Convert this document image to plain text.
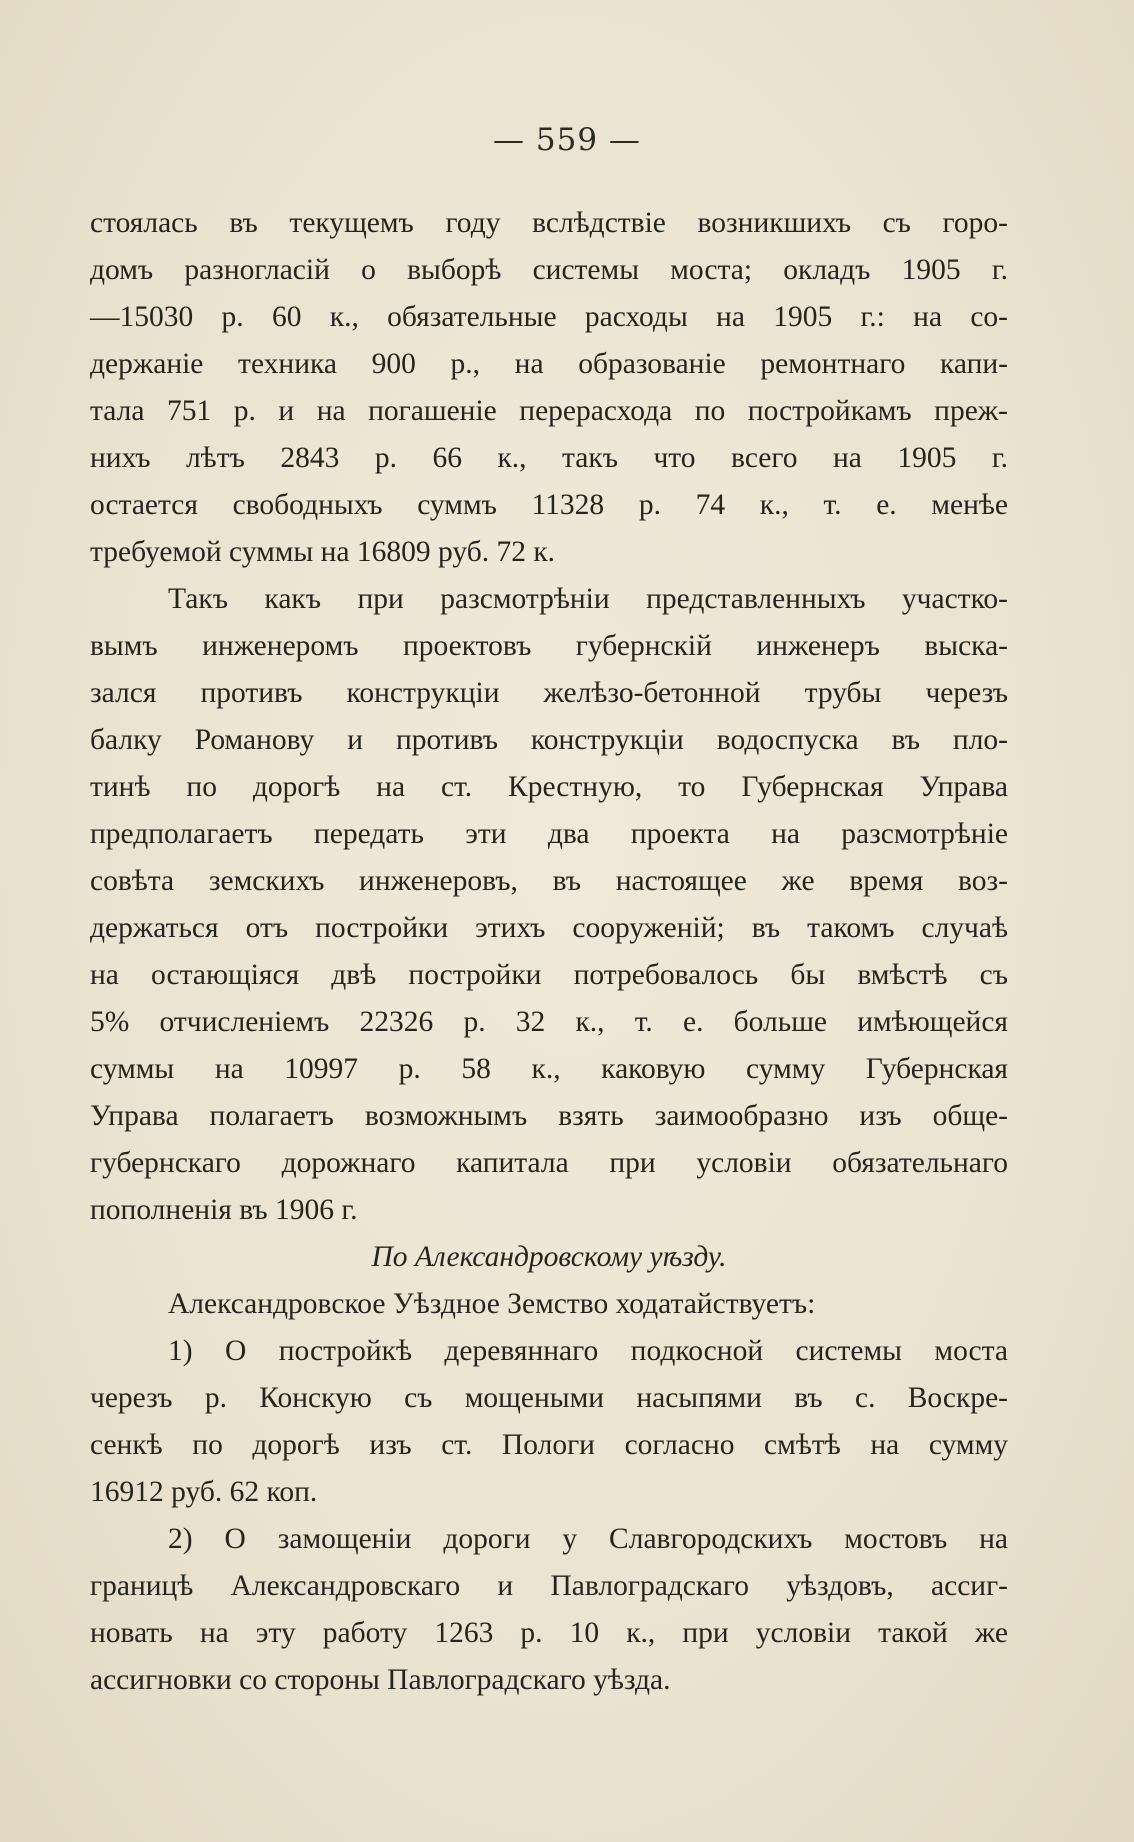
— 559 —

стоялась въ текущемъ году вслѣдствіе возникшихъ съ горо-
домъ разногласій о выборѣ системы моста; окладъ 1905 г.
—15030 р. 60 к., обязательные расходы на 1905 г.: на со-
держаніе техника 900 р., на образованіе ремонтнаго капи-
тала 751 р. и на погашеніе перерасхода по постройкамъ преж-
нихъ лѣтъ 2843 р. 66 к., такъ что всего на 1905 г.
остается свободныхъ суммъ 11328 р. 74 к., т. е. менѣе
требуемой суммы на 16809 руб. 72 к.

Такъ какъ при разсмотрѣніи представленныхъ участко-
вымъ инженеромъ проектовъ губернскій инженеръ выска-
зался противъ конструкціи желѣзо-бетонной трубы черезъ
балку Романову и противъ конструкціи водоспуска въ пло-
тинѣ по дорогѣ на ст. Крестную, то Губернская Управа
предполагаетъ передать эти два проекта на разсмотрѣніе
совѣта земскихъ инженеровъ, въ настоящее же время воз-
держаться отъ постройки этихъ сооруженій; въ такомъ случаѣ
на остающіяся двѣ постройки потребовалось бы вмѣстѣ съ
5% отчисленіемъ 22326 р. 32 к., т. е. больше имѣющейся
суммы на 10997 р. 58 к., каковую сумму Губернская
Управа полагаетъ возможнымъ взять заимообразно изъ обще-
губернскаго дорожнаго капитала при условіи обязательнаго
пополненія въ 1906 г.

По Александровскому уѣзду.

Александровское Уѣздное Земство ходатайствуетъ:

1) О постройкѣ деревяннаго подкосной системы моста
черезъ р. Конскую съ мощеными насыпями въ с. Воскре-
сенкѣ по дорогѣ изъ ст. Пологи согласно смѣтѣ на сумму
16912 руб. 62 коп.

2) О замощеніи дороги у Славгородскихъ мостовъ на
границѣ Александровскаго и Павлоградскаго уѣздовъ, ассиг-
новать на эту работу 1263 р. 10 к., при условіи такой же
ассигновки со стороны Павлоградскаго уѣзда.
